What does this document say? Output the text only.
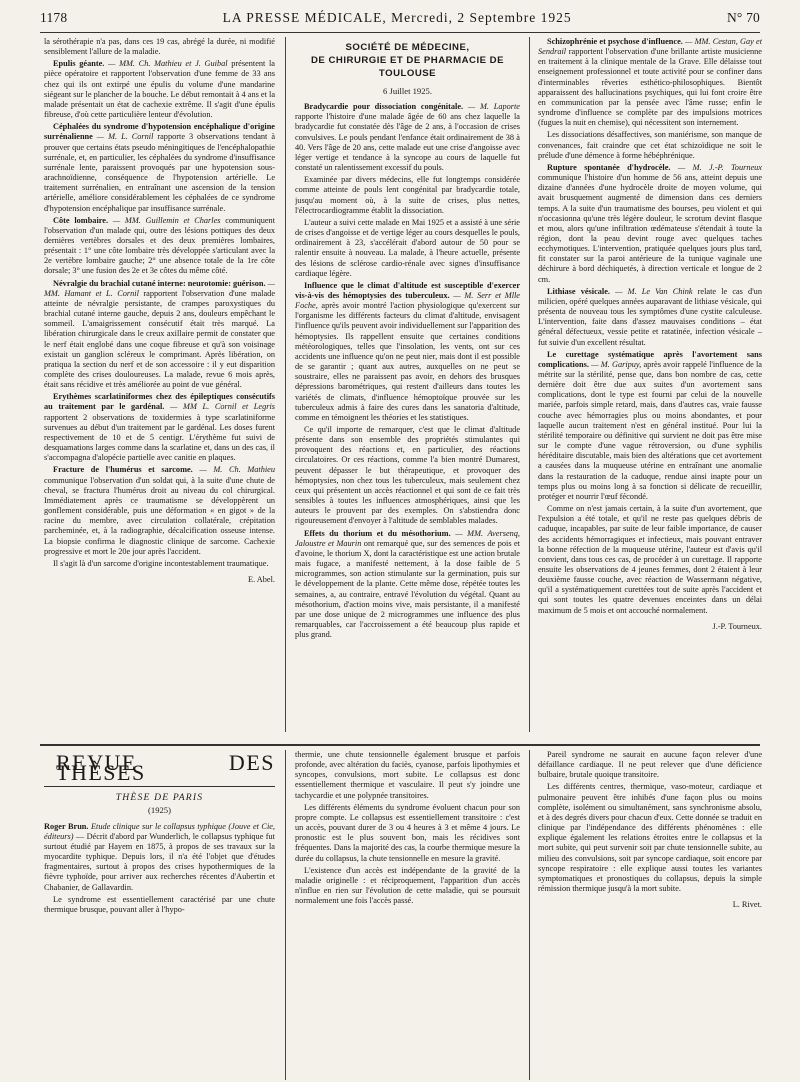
1178	LA PRESSE MÉDICALE, Mercredi, 2 Septembre 1925	N° 70

la sérothérapie n'a pas, dans ces 19 cas, abrégé la durée, ni modifié sensiblement l'allure de la maladie.

Epulis géante. — MM. Ch. Mathieu et J. Guibal présentent la pièce opératoire et rapportent l'observation d'une femme de 33 ans chez qui ils ont extirpé une épulis du volume d'une mandarine siégeant sur le plancher de la bouche. Le début remontait à 4 ans et la malade présentait un état de cachexie extrême. Il s'agit d'une épulis fibreuse, d'où cette particulière lenteur d'évolution.

Céphalées du syndrome d'hypotension encéphalique d'origine surrénalienne — M. L. Cornil rapporte 3 observations tendant à prouver que certains états pseudo méningitiques de l'encéphalopathie surrénale, et, en particulier, les céphalées du syndrome d'insuffisance surrénale lente, paraissent provoqués par une hypotension sous-arachnoïdienne, conséquence de l'hypotension artérielle. Le traitement surrénalien, en entraînant une ascension de la tension artérielle, améliore considérablement les céphalées de ce syndrome d'hypotension encéphalique par insuffisance surrénale.

Côte lombaire. — MM. Guillemin et Charles communiquent l'observation d'un malade qui, outre des lésions pottiques des deux dernières vertèbres dorsales et des deux premières lombaires, présentait : 1° une côte lombaire très développée s'articulant avec la 2e vertèbre lombaire gauche; 2° une absence totale de la 1re côte dorsale; 3° une fusion des 2e et 3e côtes du même côté.

Névralgie du brachial cutané interne: neurotomie: guérison. — MM. Hamant et L. Cornil rapportent l'observation d'une malade atteinte de névralgie persistante, de crampes paroxystiques du brachial cutané interne gauche, depuis 2 ans, douleurs empêchant le sommeil. L'amaigrissement consécutif était très marqué. La libération chirurgicale dans le creux axillaire permit de constater que le nerf était englobé dans une coque fibreuse et qu'à son voisinage existait un ganglion scléreux le comprimant. Après libération, on pratiqua la section du nerf et de son accessoire : il y eut disparition complète des crises douloureuses. La malade, revue 6 mois après, était sans récidive et très améliorée au point de vue général.

Erythèmes scarlatiniformes chez des épileptiques consécutifs au traitement par le gardénal. — MM L. Cornil et Legris rapportent 2 observations de toxidermies à type scarlatiniforme survenues au début d'un traitement par le gardénal. Les doses furent respectivement de 10 et de 5 centigr. L'érythème fut suivi de desquamations larges comme dans la scarlatine et, dans un des cas, il s'accompagna d'alopécie partielle avec canitie en plaques.

Fracture de l'humérus et sarcome. — M. Ch. Mathieu communique l'observation d'un soldat qui, à la suite d'une chute de cheval, se fractura l'humérus droit au niveau du col chirurgical. Immédiatement après ce traumatisme se développèrent un gonflement considérable, puis une déformation « en gigot » de la racine du membre, avec circulation collatérale, crépitation parcheminée, et, à la radiographie, décalcification osseuse intense. La biopsie confirma le diagnostic clinique de sarcome. Cachexie progressive et mort le 20e jour après l'accident.

Il s'agit là d'un sarcome d'origine incontestablement traumatique.

E. Abel.

SOCIÉTÉ DE MÉDECINE,
DE CHIRURGIE ET DE PHARMACIE DE TOULOUSE
6 Juillet 1925.

Bradycardie pour dissociation congénitale. — M. Laporte rapporte l'histoire d'une malade âgée de 60 ans chez laquelle la bradycardie fut constatée dès l'âge de 2 ans, à l'occasion de crises convulsives. Le pouls pendant l'enfance était ordinairement de 38 à 40. Vers l'âge de 20 ans, cette malade eut une crise d'angoisse avec léger vertige et tendance à la syncope au cours de laquelle fut constaté un ralentissement excessif du pouls.

Examinée par divers médecins, elle fut longtemps considérée comme atteinte de pouls lent congénital par bradycardie totale, jusqu'au moment où, à la suite de crises, plus nettes, l'électrocardiogramme établit la dissociation.

L'auteur a suivi cette malade en Mai 1925 et a assisté à une série de crises d'angoisse et de vertige léger au cours desquelles le pouls, ordinairement à 23, s'accélérait d'abord autour de 50 pour se ralentir ensuite à nouveau. La malade, à l'heure actuelle, présente des lésions de sclérose cardio-rénale avec signes d'insuffisance cardiaque légère.

Influence que le climat d'altitude est susceptible d'exercer vis-à-vis des hémoptysies des tuberculeux. — M. Serr et Mlle Foche, après avoir montré l'action physiologique qu'exercent sur l'organisme les différents facteurs du climat d'altitude, envisagent l'influence qu'ils peuvent avoir individuellement sur l'apparition des hémoptysies. Ils rappellent ensuite que certaines conditions météorologiques, telles que l'insolation, les vents, ont sur ces accidents une influence qu'on ne peut nier, mais dont il est possible de se garantir ; quant aux autres, auxquelles on ne peut se soustraire, elles ne paraissent pas avoir, en dehors des brusques dépressions barométriques, qui restent d'ailleurs dans toutes les variétés de climats, d'influence hémoptoïque prouvée sur les tuberculeux admis à faire des cures dans les sanatoria d'altitude, comme en témoignent les théories et les statistiques.

Ce qu'il importe de remarquer, c'est que le climat d'altitude présente dans son ensemble des propriétés stimulantes qui provoquent des réactions et, en particulier, des réactions circulatoires. Or ces réactions, comme l'a bien montré Dumarest, peuvent dépasser le but thérapeutique, et provoquer des hémoptysies, non chez tous les tuberculeux, mais seulement chez ceux qui présentent un accès réactionnel et qui sont de ce fait très sensibles à toutes les influences atmosphériques, ainsi que les auteurs le prouvent par des exemples. On s'abstiendra donc rigoureusement d'envoyer à l'altitude de semblables malades.

Effets du thorium et du mésothorium. — MM. Aversenq, Jaloustre et Maurin ont remarqué que, sur des semences de pois et d'avoine, le thorium X, dont la caractéristique est une action brutale mais fugace, a manifesté nettement, à la dose faible de 5 microgrammes, son action stimulante sur la germination, puis sur le développement de la plante. Cette même dose, répétée toutes les semaines, a, au contraire, entravé l'évolution du végétal. Quant au mésothorium, d'action moins vive, mais persistante, il a manifesté par une dose unique de 2 microgrammes une influence des plus remarquables, car l'accroissement a été beaucoup plus rapide et plus grand.

Schizophrénie et psychose d'influence. — MM. Cestan, Gay et Sendrail rapportent l'observation d'une brillante artiste musicienne en traitement à la clinique mentale de la Grave. Elle délaisse tout enseignement professionnel et toute activité pour se confiner dans d'interminables rêveries esthético-philosophiques. Bientôt apparaissent des hallucinations psychiques, qui lui font croire être en communication par la pensée avec l'âme russe; enfin le syndrome d'influence se complète par des impulsions motrices (fugues la nuit en chemise), qui nécessitent son internement.

Les dissociations désaffectives, son maniérisme, son manque de convenances, fait craindre que cet état schizoïdique ne soit le prélude d'une démence à forme hébéphrénique.

Rupture spontanée d'hydrocèle. — M. J.-P. Tourneux communique l'histoire d'un homme de 56 ans, atteint depuis une dizaine d'années d'une hydrocèle droite de moyen volume, qui avait brusquement augmenté de dimension dans ces derniers temps. A la suite d'un traumatisme des bourses, peu violent et qui n'occasionna qu'une très légère douleur, le scrotum devint flasque et mou, alors qu'une infiltration œdémateuse s'étendait à toute la région, dont la peau devint rouge avec quelques taches ecchymotiques. L'intervention, pratiquée quelques jours plus tard, fit constater sur la paroi antérieure de la tunique vaginale une déchirure à bord déchiquetés, à direction verticale et longue de 2 cm.

Lithiase vésicale. — M. Le Van Chink relate le cas d'un milicien, opéré quelques années auparavant de lithiase vésicale, qui présenta de nouveau tous les symptômes d'une cystite calculeuse. L'intervention, faite dans d'assez mauvaises conditions – état général défectueux, vessie petite et ratatinée, infection vésicale – fut suivie d'un excellent résultat.

Le curettage systématique après l'avortement sans complications. — M. Garipuy, après avoir rappelé l'influence de la métrite sur la stérilité, pense que, dans bon nombre de cas, cette dernière doit être due aux suites d'un avortement sans complications, dont le type est fourni par celui de la nouvelle mariée, parfois simple retard, mais, dans d'autres cas, vraie fausse couche avec hémorragies plus ou moins abondantes, et pour laquelle aucun traitement n'est en général institué. Pour lui la stérilité temporaire ou définitive qui survient ne doit pas être mise sur le compte d'une vague rétroversion, ou d'une syphilis héréditaire discutable, mais bien des altérations que cet avortement a causées dans la muqueuse utérine en entraînant une anomalie dans la restauration de la caduque, rendue ainsi inapte pour un temps plus ou moins long à sa fonction si délicate de recueillir, protéger et nourrir l'œuf fécondé.

Comme on n'est jamais certain, à la suite d'un avortement, que l'expulsion a été totale, et qu'il ne reste pas quelques débris de caduque, incapables, par suite de leur faible importance, de causer des accidents hémorragiques et infectieux, mais pouvant entraver la bonne réfection de la muqueuse utérine, l'auteur est d'avis qu'il convient, dans tous ces cas, de procéder à un curettage. Il rapporte ensuite les observations de 4 jeunes femmes, dont 2 étaient à leur deuxième fausse couche, avec réaction de Wassermann négative, qu'il a systématiquement curettées tout de suite après l'accident et qui sont toutes les quatre devenues enceintes dans un délai maximum de 5 mois et ont accouché normalement.

J.-P. Tourneux.

REVUE DES THÈSES
THÈSE DE PARIS
(1925)

Roger Brun. Etude clinique sur le collapsus typhique (Jouve et Cie, éditeurs) — Décrit d'abord par Wunderlich, le collapsus typhique fut surtout étudié par Hayem en 1875, à propos de ses travaux sur la myocardite typhique. Depuis lors, il n'a été l'objet que d'études fragmentaires, surtout à propos des crises hypothermiques de la fièvre typhoïde, pour arriver aux recherches récentes d'Aubertin et Chabanier, de Gallavardin.

Le syndrome est essentiellement caractérisé par une chute thermique brusque, pouvant aller à l'hypo-

thermie, une chute tensionnelle également brusque et parfois profonde, avec altération du faciès, cyanose, parfois lipothymies et syncopes, convulsions, mort subite. Le collapsus est donc essentiellement thermique et vasculaire. Il peut s'y joindre une tachycardie et une polypnée transitoires.

Les différents éléments du syndrome évoluent chacun pour son propre compte. Le collapsus est essentiellement transitoire : c'est un accès, pouvant durer de 3 ou 4 heures à 3 et même 4 jours. Le pronostic est le plus souvent bon, mais les récidives sont fréquentes. Dans la majorité des cas, la courbe thermique mesure la durée du collapsus, la chute tensionnelle en mesure la gravité.

L'existence d'un accès est indépendante de la gravité de la maladie originelle : et réciproquement, l'apparition d'un accès n'influe en rien sur l'évolution de cette maladie, qui se poursuit normalement une fois l'accès passé.

Pareil syndrome ne saurait en aucune façon relever d'une défaillance cardiaque. Il ne peut relever que d'une déficience bulbaire, brutale quoique transitoire.

Les différents centres, thermique, vaso-moteur, cardiaque et pulmonaire peuvent être inhibés d'une façon plus ou moins complète, isolément ou simultanément, sans synchronisme absolu, et à des degrés divers pour chacun d'eux. Cette donnée se traduit en clinique par l'indépendance des différents phénomènes : elle explique également les relations étroites entre le collapsus et la mort subite, qui peut survenir soit par chute tensionnelle subite, au milieu des convulsions, soit par syncope cardiaque, soit encore par syncope respiratoire : elle explique aussi toutes les variantes symptomatiques et pronostiques du collapsus, depuis la simple rémission thermique jusqu'à la mort subite.

L. Rivet.
